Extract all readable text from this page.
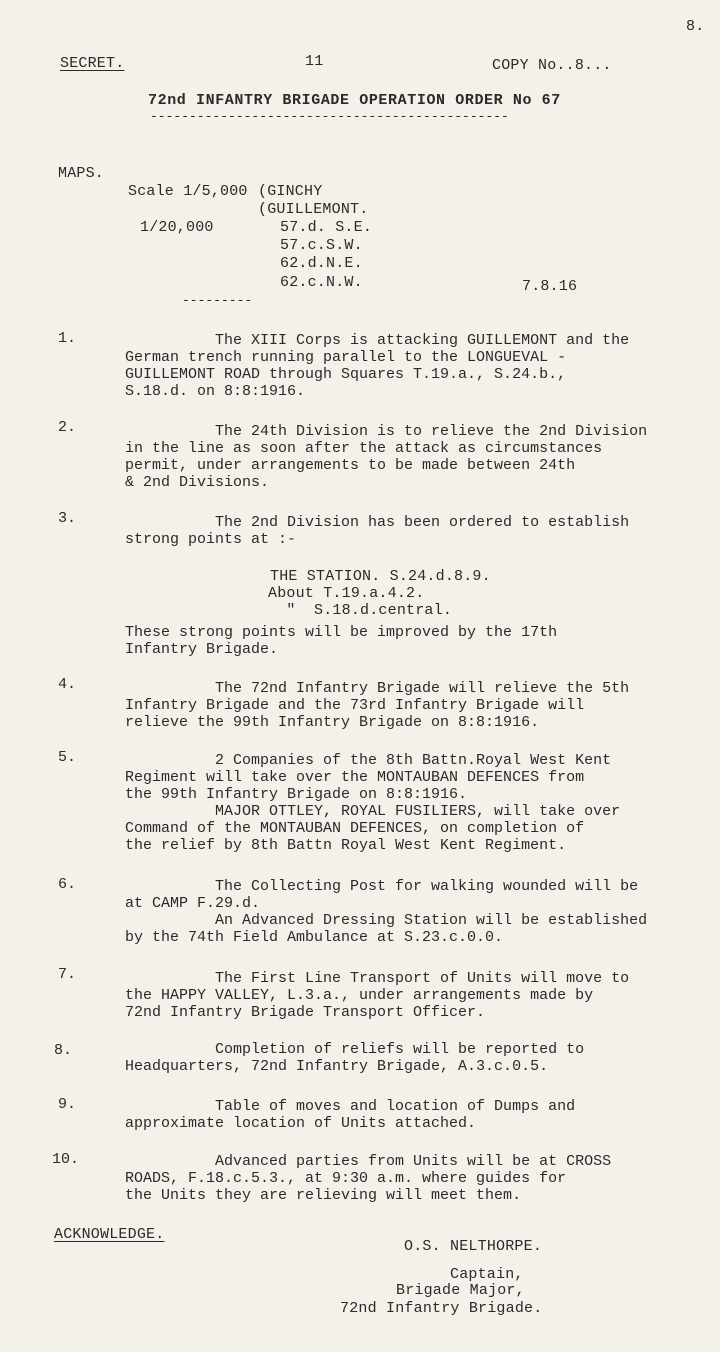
8.
SECRET.	11	COPY No..8...
72nd INFANTRY BRIGADE OPERATION ORDER No 67
----------------------------------------------
MAPS.
Scale 1/5,000 (GINCHY
(GUILLEMONT.
1/20,000	57.d. S.E.
57.c.S.W.
62.d.N.E.
62.c.N.W.	7.8.16
---------
1.	The XIII Corps is attacking GUILLEMONT and the
German trench running parallel to the LONGUEVAL -
GUILLEMONT ROAD through Squares T.19.a., S.24.b.,
S.18.d. on 8:8:1916.
2.	The 24th Division is to relieve the 2nd Division
in the line as soon after the attack as circumstances
permit, under arrangements to be made between 24th
& 2nd Divisions.
3.	The 2nd Division has been ordered to establish
strong points at :-
THE STATION. S.24.d.8.9.
About T.19.a.4.2.
"  S.18.d.central.
These strong points will be improved by the 17th
Infantry Brigade.
4.	The 72nd Infantry Brigade will relieve the 5th
Infantry Brigade and the 73rd Infantry Brigade will
relieve the 99th Infantry Brigade on 8:8:1916.
5.	2 Companies of the 8th Battn.Royal West Kent
Regiment will take over the MONTAUBAN DEFENCES from
the 99th Infantry Brigade on 8:8:1916.
MAJOR OTTLEY, ROYAL FUSILIERS, will take over
Command of the MONTAUBAN DEFENCES, on completion of
the relief by 8th Battn Royal West Kent Regiment.
6.	The Collecting Post for walking wounded will be
at CAMP F.29.d.
An Advanced Dressing Station will be established
by the 74th Field Ambulance at S.23.c.0.0.
7.	The First Line Transport of Units will move to
the HAPPY VALLEY, L.3.a., under arrangements made by
72nd Infantry Brigade Transport Officer.
8.	Completion of reliefs will be reported to
Headquarters, 72nd Infantry Brigade, A.3.c.0.5.
9.	Table of moves and location of Dumps and
approximate location of Units attached.
10.	Advanced parties from Units will be at CROSS
ROADS, F.18.c.5.3., at 9:30 a.m. where guides for
the Units they are relieving will meet them.
ACKNOWLEDGE.
O.S. NELTHORPE.
Captain,
Brigade Major,
72nd Infantry Brigade.
